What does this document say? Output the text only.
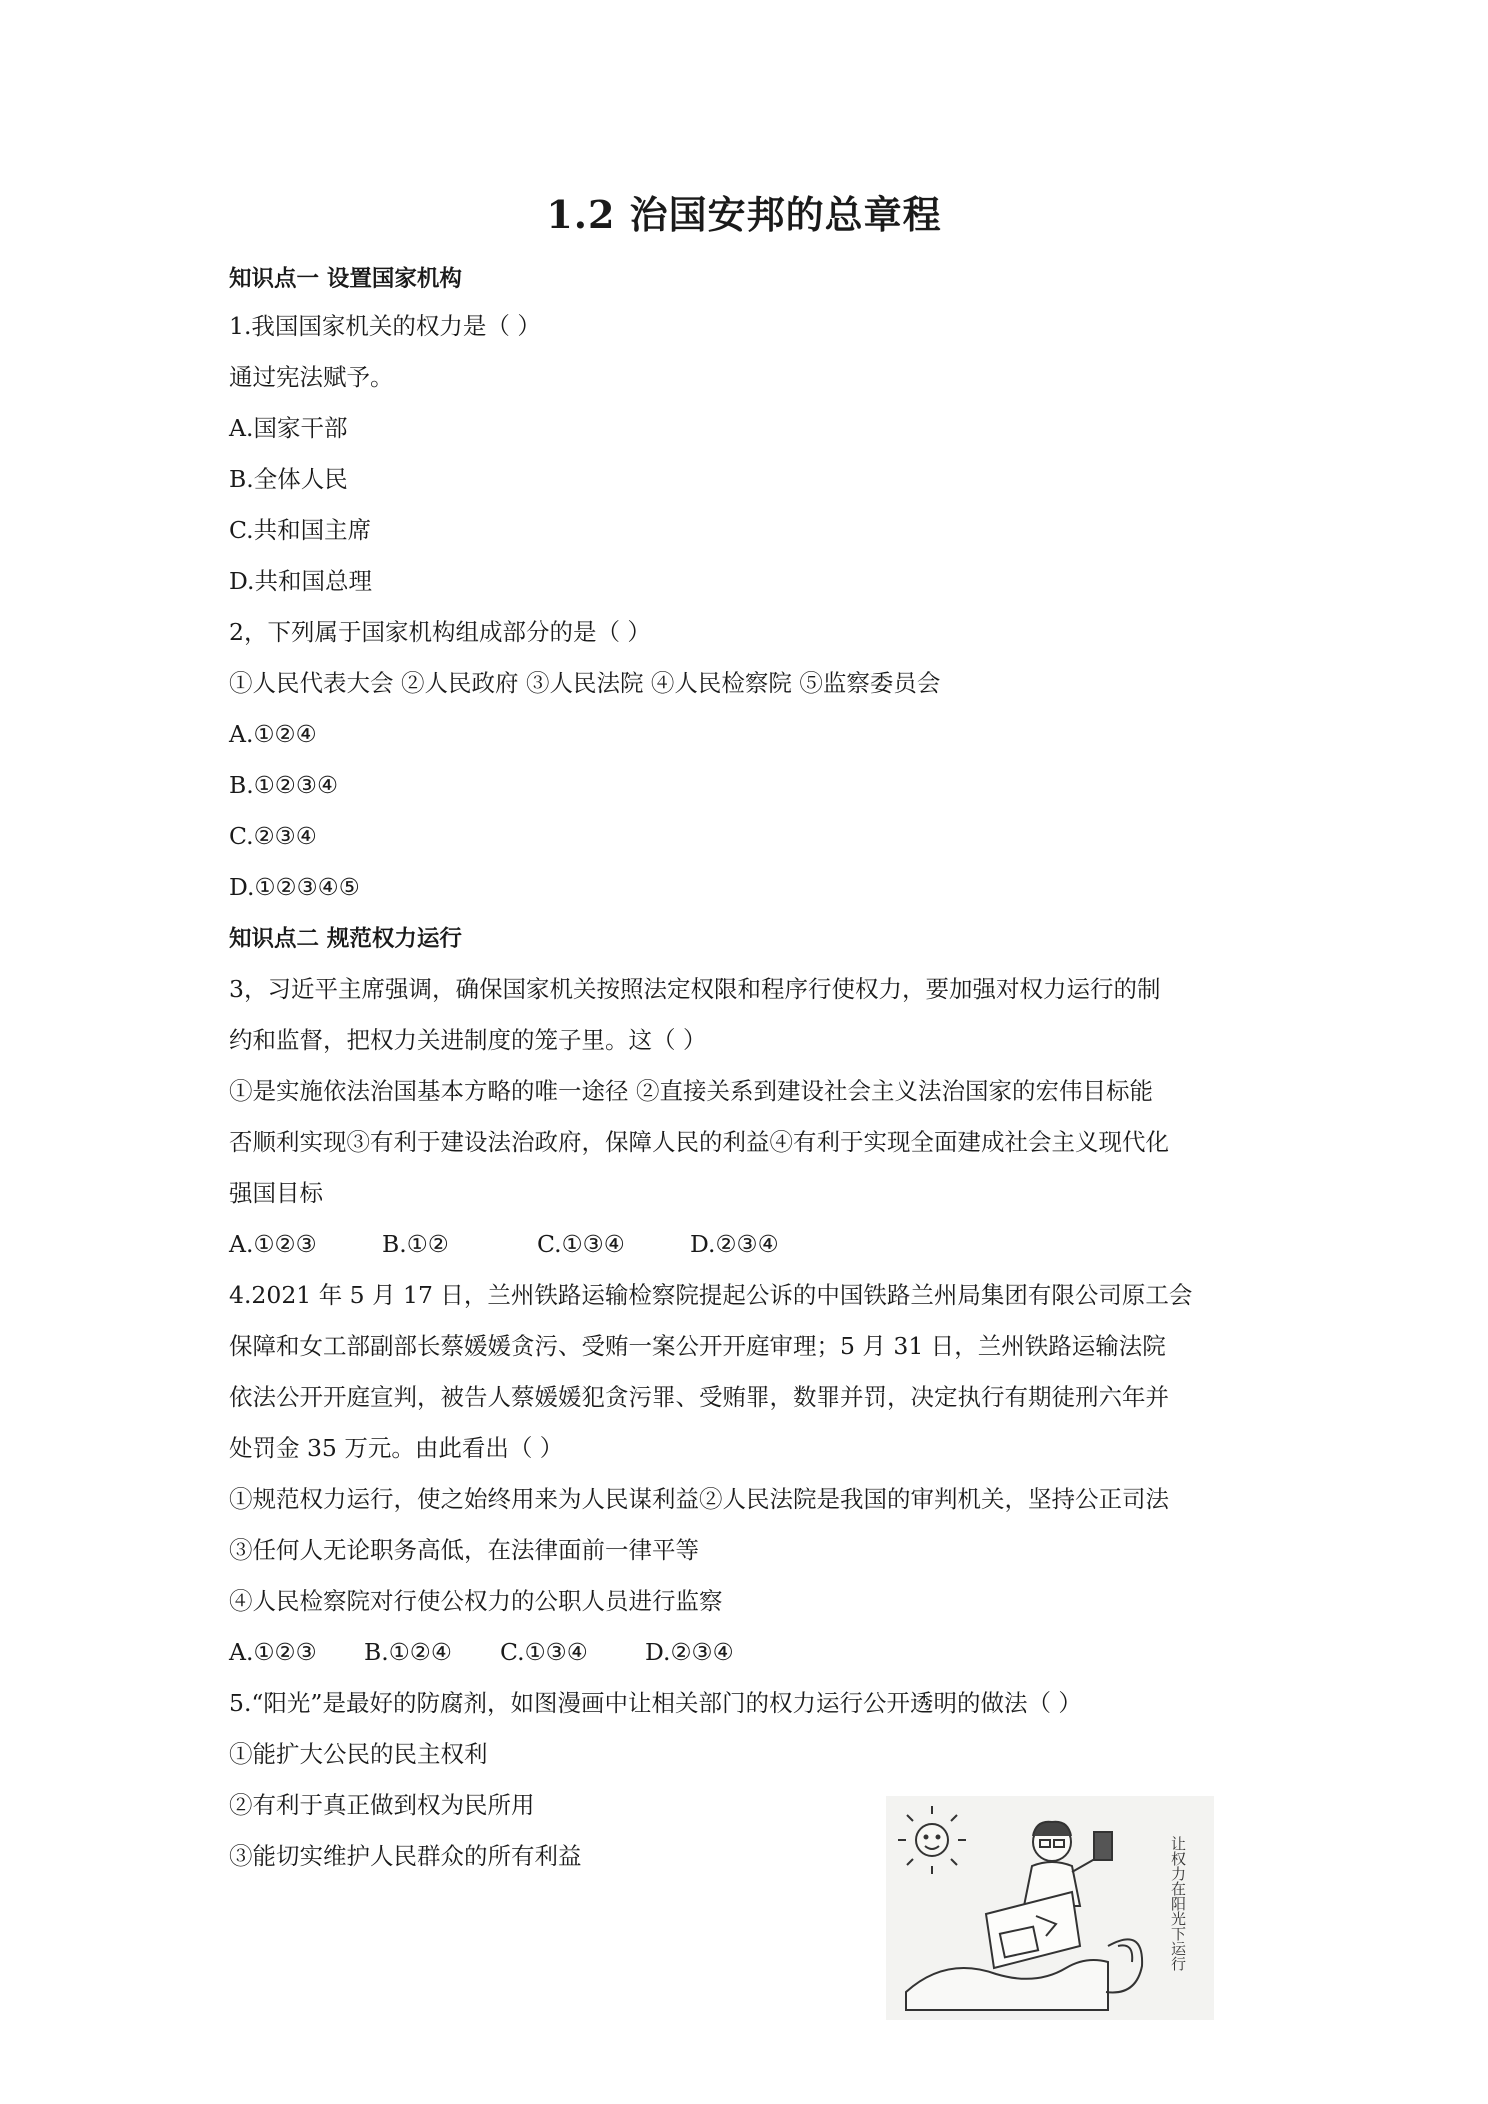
1.2 治国安邦的总章程
知识点一 设置国家机构
1.我国国家机关的权力是（ ）
通过宪法赋予。
A.国家干部
B.全体人民
C.共和国主席
D.共和国总理
2，下列属于国家机构组成部分的是（ ）
①人民代表大会 ②人民政府 ③人民法院 ④人民检察院 ⑤监察委员会
A.①②④
B.①②③④
C.②③④
D.①②③④⑤
知识点二 规范权力运行
3，习近平主席强调，确保国家机关按照法定权限和程序行使权力，要加强对权力运行的制
约和监督，把权力关进制度的笼子里。这（ ）
①是实施依法治国基本方略的唯一途径 ②直接关系到建设社会主义法治国家的宏伟目标能
否顺利实现③有利于建设法治政府，保障人民的利益④有利于实现全面建成社会主义现代化
强国目标
A.①②③	B.①②	C.①③④	D.②③④
4.2021 年 5 月 17 日，兰州铁路运输检察院提起公诉的中国铁路兰州局集团有限公司原工会
保障和女工部副部长蔡媛媛贪污、受贿一案公开开庭审理；5 月 31 日，兰州铁路运输法院
依法公开开庭宣判，被告人蔡媛媛犯贪污罪、受贿罪，数罪并罚，决定执行有期徒刑六年并
处罚金 35 万元。由此看出（ ）
①规范权力运行，使之始终用来为人民谋利益②人民法院是我国的审判机关，坚持公正司法
③任何人无论职务高低，在法律面前一律平等
④人民检察院对行使公权力的公职人员进行监察
A.①②③ B.①②④ C.①③④ D.②③④
5.“阳光”是最好的防腐剂，如图漫画中让相关部门的权力运行公开透明的做法（ ）
①能扩大公民的民主权利
②有利于真正做到权为民所用
③能切实维护人民群众的所有利益	让权力在阳光下运行
